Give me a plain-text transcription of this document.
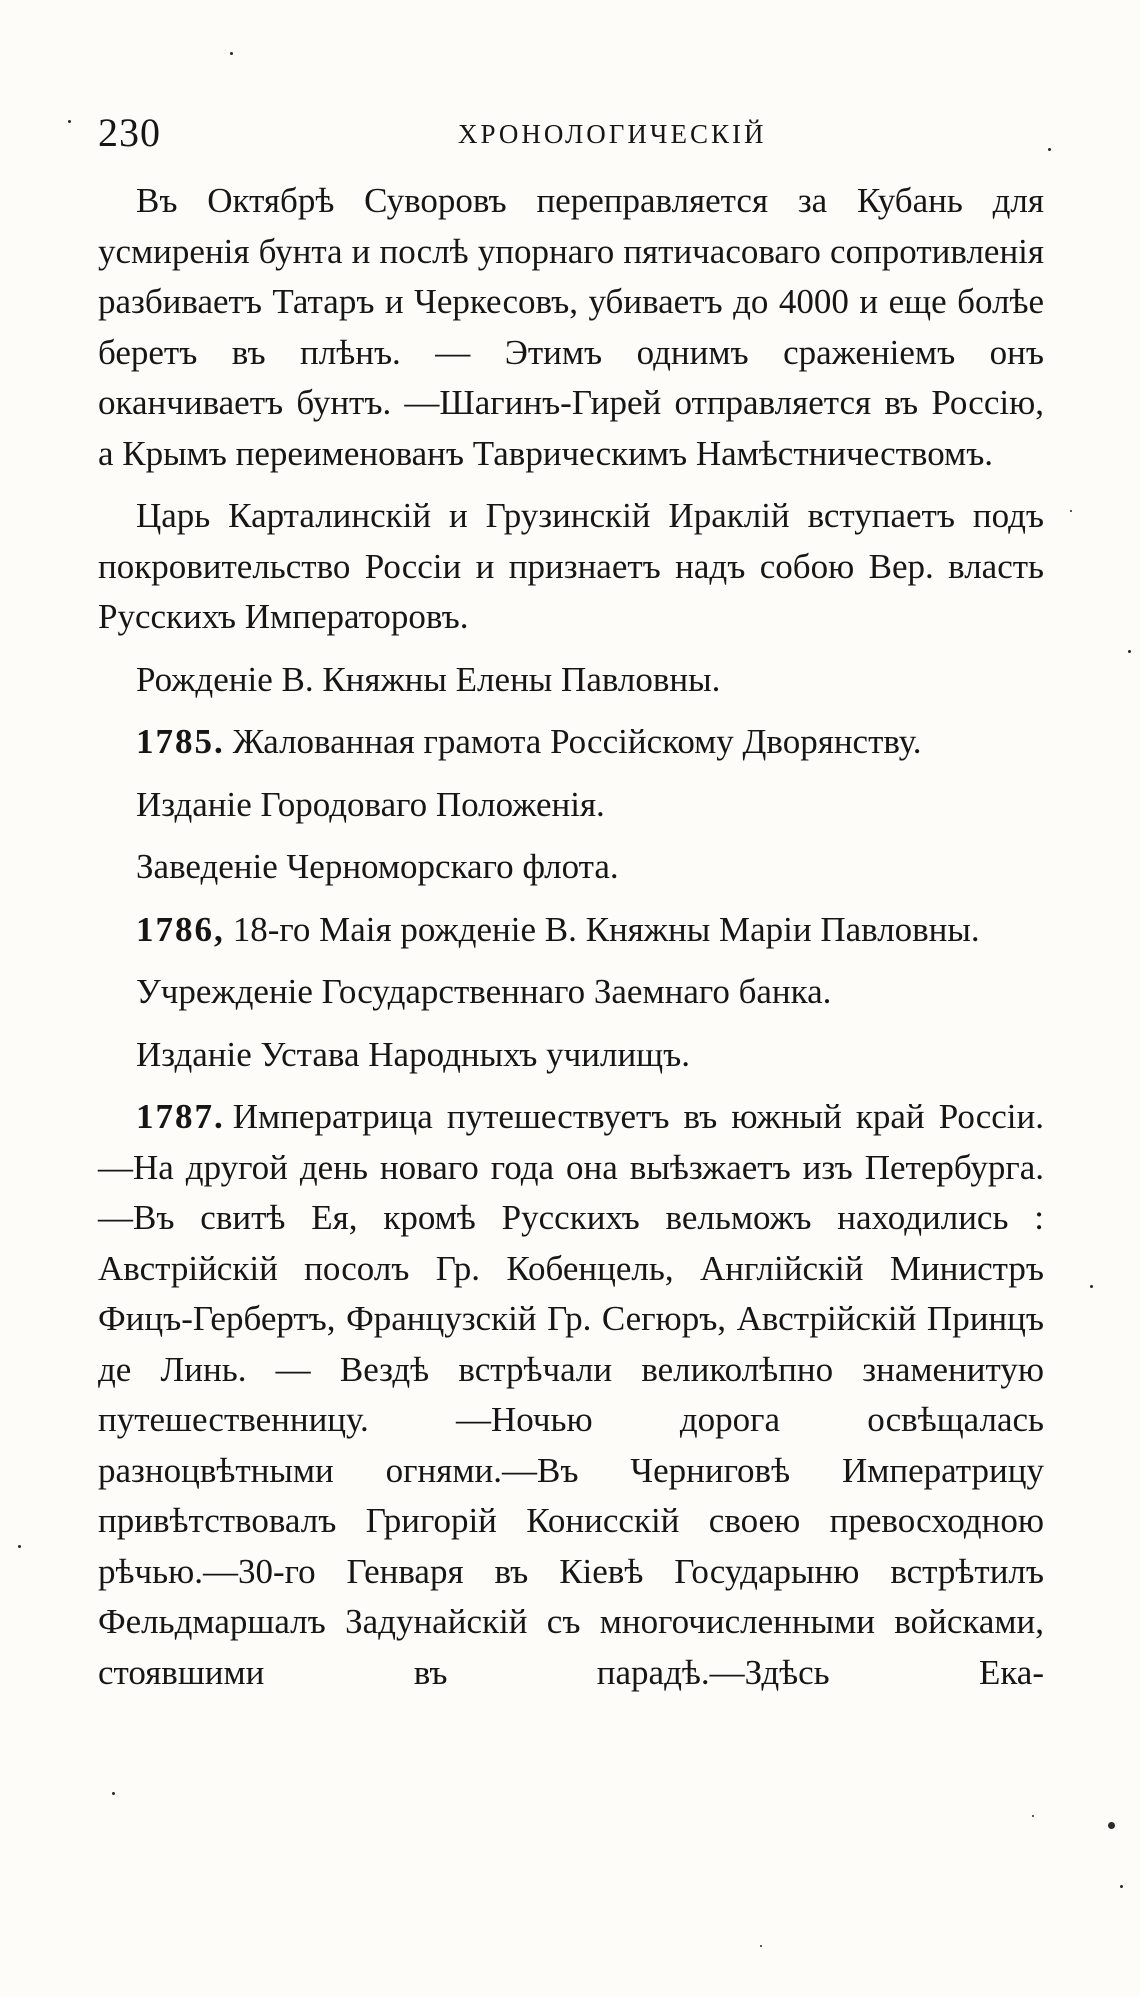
230	ХРОНОЛОГИЧЕСКІЙ

Въ Октябрѣ Суворовъ переправляется за Кубань для усмиренія бунта и послѣ упорнаго пятичасоваго сопротивленія разбиваетъ Татаръ и Черкесовъ, убиваетъ до 4000 и еще болѣе беретъ въ плѣнъ. — Этимъ однимъ сраженіемъ онъ оканчиваетъ бунтъ. —Шагинъ-Гирей отправляется въ Россію, а Крымъ переименованъ Таврическимъ Намѣстничествомъ.

Царь Карталинскій и Грузинскій Ираклій вступаетъ подъ покровительство Россіи и признаетъ надъ собою Вер. власть Русскихъ Императоровъ.

Рожденіе В. Княжны Елены Павловны.

1785. Жалованная грамота Россійскому Дворянству.

Изданіе Городоваго Положенія.

Заведеніе Черноморскаго флота.

1786, 18-го Маія рожденіе В. Княжны Маріи Павловны.

Учрежденіе Государственнаго Заемнаго банка.

Изданіе Устава Народныхъ училищъ.

1787. Императрица путешествуетъ въ южный край Россіи.—На другой день новаго года она выѣзжаетъ изъ Петербурга. —Въ свитѣ Ея, кромѣ Русскихъ вельможъ находились : Австрійскій посолъ Гр. Кобенцель, Англійскій Министръ Фицъ-Гербертъ, Французскій Гр. Сегюръ, Австрійскій Принцъ де Линь. — Вездѣ встрѣчали великолѣпно знаменитую путешественницу. —Ночью дорога освѣщалась разноцвѣтными огнями.—Въ Черниговѣ Императрицу привѣтствовалъ Григорій Конисскій своею превосходною рѣчью.—30-го Генваря въ Кіевѣ Государыню встрѣтилъ Фельдмаршалъ Задунайскій съ многочисленными войсками, стоявшими въ парадѣ.—Здѣсь Ека-
